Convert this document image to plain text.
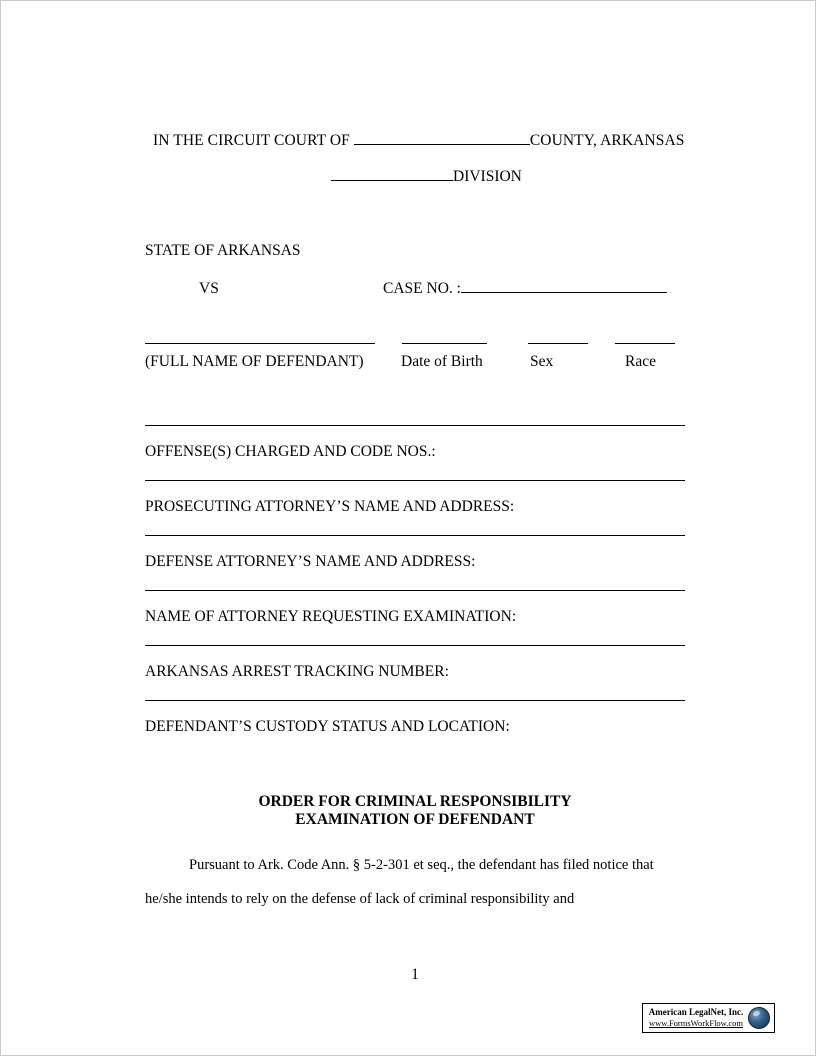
IN THE CIRCUIT COURT OF	COUNTY, ARKANSAS
DIVISION
STATE OF ARKANSAS
VS	CASE NO. :
(FULL NAME OF DEFENDANT) Date of Birth	Sex	Race
OFFENSE(S) CHARGED AND CODE NOS.:
PROSECUTING ATTORNEY’S NAME AND ADDRESS:
DEFENSE ATTORNEY’S NAME AND ADDRESS:
NAME OF ATTORNEY REQUESTING EXAMINATION:
ARKANSAS ARREST TRACKING NUMBER:
DEFENDANT’S CUSTODY STATUS AND LOCATION:
ORDER FOR CRIMINAL RESPONSIBILITY
EXAMINATION OF DEFENDANT
Pursuant to Ark. Code Ann. § 5-2-301 et seq., the defendant has filed notice that he/she intends to rely on the defense of lack of criminal responsibility and
1
American LegalNet, Inc.
www.FormsWorkFlow.com
